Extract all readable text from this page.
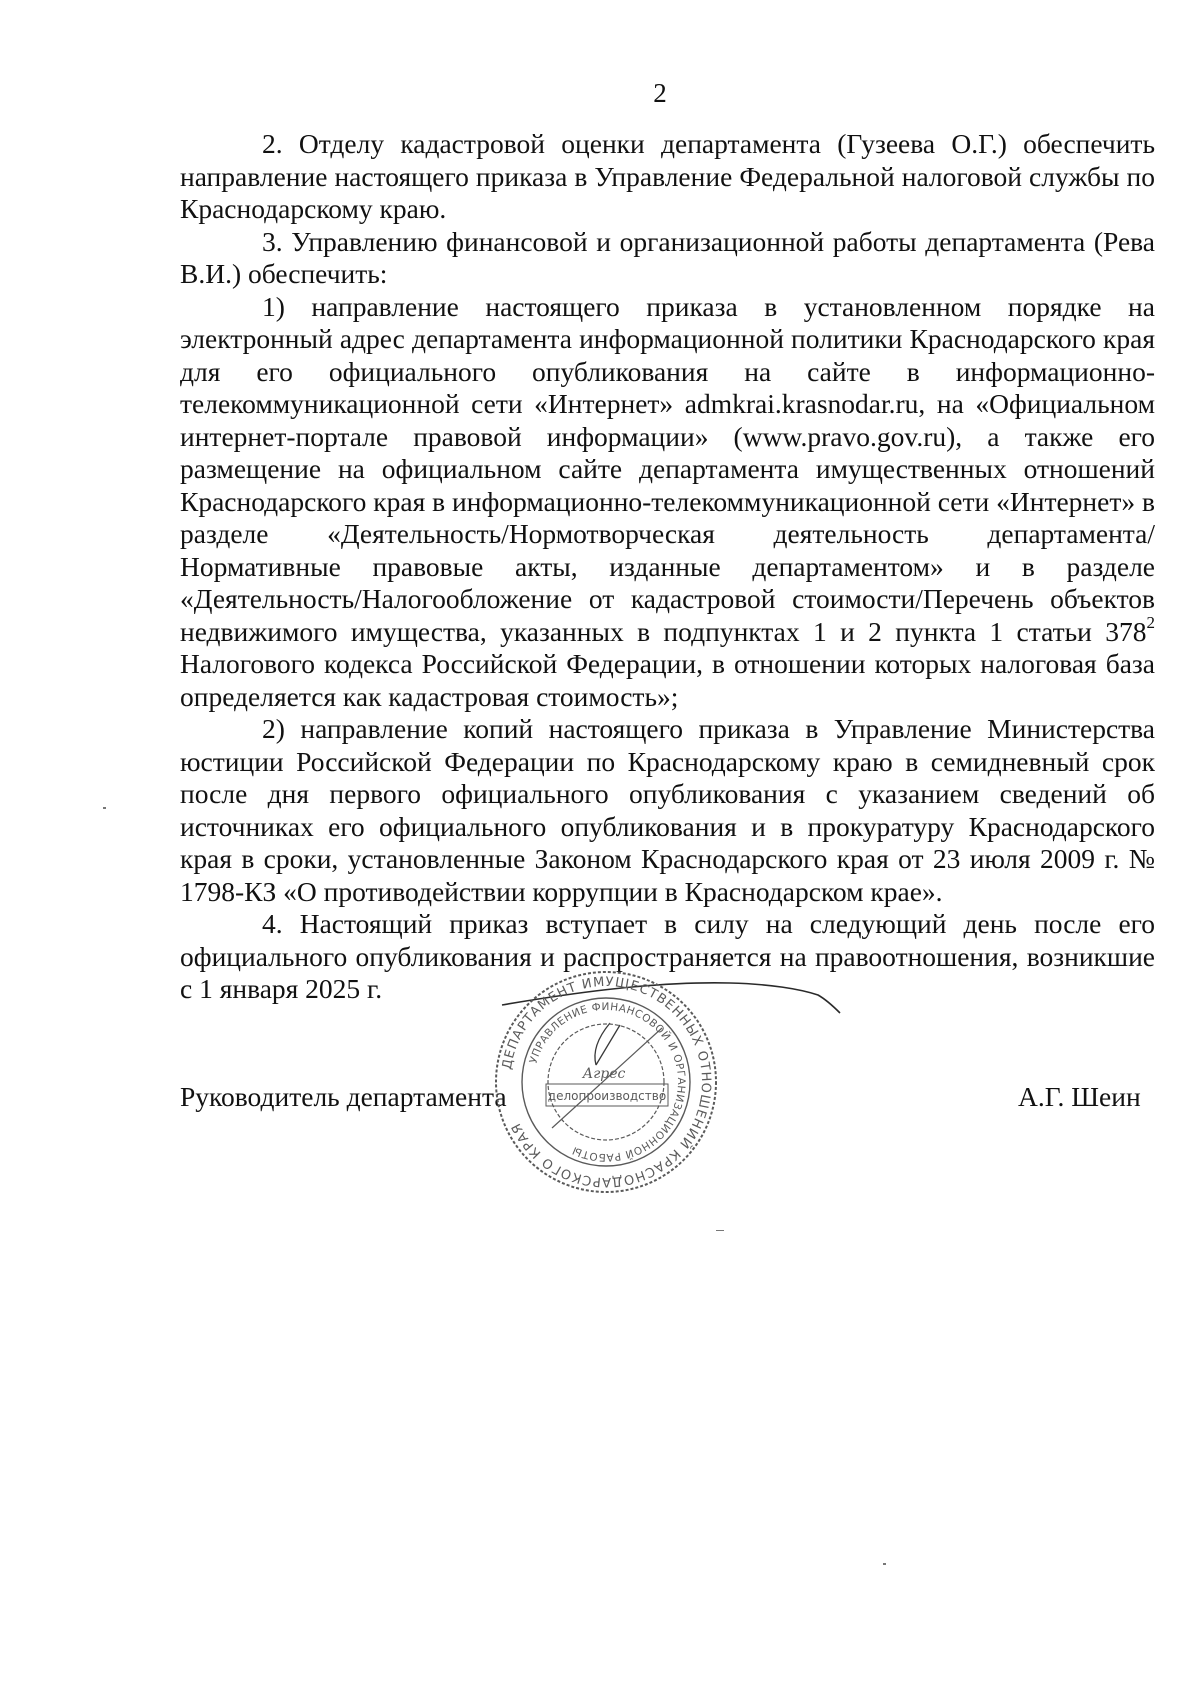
2

2. Отделу кадастровой оценки департамента (Гузеева О.Г.) обеспечить направление настоящего приказа в Управление Федеральной налоговой службы по Краснодарскому краю.

3. Управлению финансовой и организационной работы департамента (Рева В.И.) обеспечить:

1) направление настоящего приказа в установленном порядке на электронный адрес департамента информационной политики Краснодарского края для его официального опубликования на сайте в информационно-телекоммуникационной сети «Интернет» admkrai.krasnodar.ru, на «Официальном интернет-портале правовой информации» (www.pravo.gov.ru), а также его размещение на официальном сайте департамента имущественных отношений Краснодарского края в информационно-телекоммуникационной сети «Интернет» в разделе «Деятельность/Нормотворческая деятельность департамента/Нормативные правовые акты, изданные департаментом» и в разделе «Деятельность/Налогообложение от кадастровой стоимости/Перечень объектов недвижимого имущества, указанных в подпунктах 1 и 2 пункта 1 статьи $378^2$ Налогового кодекса Российской Федерации, в отношении которых налоговая база определяется как кадастровая стоимость»;

2) направление копий настоящего приказа в Управление Министерства юстиции Российской Федерации по Краснодарскому краю в семидневный срок после дня первого официального опубликования с указанием сведений об источниках его официального опубликования и в прокуратуру Краснодарского края в сроки, установленные Законом Краснодарского края от 23 июля 2009 г. № 1798-КЗ «О противодействии коррупции в Краснодарском крае».

4. Настоящий приказ вступает в силу на следующий день после его официального опубликования и распространяется на правоотношения, возникшие с 1 января 2025 г.

Руководитель департамента	А.Г. Шеин
ДЕПАРТАМЕНТ ИМУЩЕСТВЕННЫХ ОТНОШЕНИЙ КРАСНОДАРСКОГО КРАЯ
УПРАВЛЕНИЕ ФИНАНСОВОЙ И ОРГАНИЗАЦИОННОЙ РАБОТЫ
делопроизводство
Агрес
